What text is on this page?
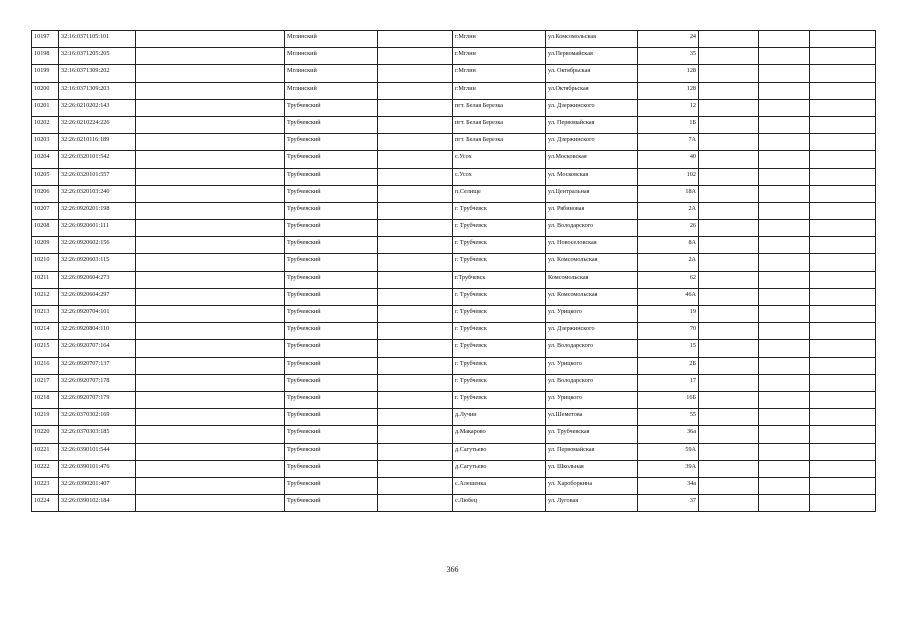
10197	32:16:0371105:101		Мглинский		г.Мглин	ул.Комсомольская	24			
10198	32:16:0371205:205		Мглинский		г.Мглин	ул.Первомайская	35			
10199	32:16:0371309:202		Мглинский		г.Мглин	ул. Октябрьская	128			
10200	32:16:0371309:203		Мглинский		г.Мглин	ул.Октябрьская	128			
10201	32:26:0210202:143		Трубчевский		пгт. Белая Березка	ул. Дзержинского	12			
10202	32:26:0210224:226		Трубчевский		пгт. Белая Березка	ул. Первомайская	1Б			
10203	32:26:0210116:189		Трубчевский		пгт. Белая Березка	ул. Дзержинского	7А			
10204	32:26:0320101:542		Трубчевский		с.Усох	ул.Московская	40			
10205	32:26:0320101:557		Трубчевский		с.Усох	ул. Московская	102			
10206	32:26:0320103:240		Трубчевский		п.Селище	ул.Центральная	18А			
10207	32:26:0920201:198		Трубчевский		г. Трубчевск	ул. Рябиновая	2А			
10208	32:26:0920601:111		Трубчевский		г. Трубчевск	ул. Володарского	26			
10209	32:26:0920602:156		Трубчевский		г. Трубчевск	ул. Новоселовская	8А			
10210	32:26:0920603:115		Трубчевский		г. Трубчевск	ул. Комсомольская	2А			
10211	32:26:0920604:273		Трубчевский		г.Трубчевск	Комсомольская	62			
10212	32:26:0920604:297		Трубчевский		г. Трубчевск	ул. Комсомольская	46А			
10213	32:26:0920704:101		Трубчевский		г. Трубчевск	ул. Урицкого	19			
10214	32:26:0920804:110		Трубчевский		г. Трубчевск	ул. Дзержинского	70			
10215	32:26:0920707:164		Трубчевский		г. Трубчевск	ул. Володарского	15			
10216	32:26:0920707:137		Трубчевский		г. Трубчевск	ул. Урицкого	2Б			
10217	32:26:0920707:178		Трубчевский		г. Трубчевск	ул. Володарского	17			
10218	32:26:0920707:179		Трубчевский		г. Трубчевск	ул. Урицкого	16Б			
10219	32:26:0370302:169		Трубчевский		д.Лучин	ул.Шеметова	55			
10220	32:26:0370303:185		Трубчевский		д.Макарово	ул. Трубчевская	36а			
10221	32:26:0390101:544		Трубчевский		д.Сагутьево	ул. Первомайская	59А			
10222	32:26:0390101:476		Трубчевский		д.Сагутьево	ул. Школьная	39А			
10223	32:26:0390201:407		Трубчевский		с.Алешенка	ул. Хароборкина	34а			
10224	32:26:0390102:184		Трубчевский		с.Любец	ул. Луговая	37			
366
